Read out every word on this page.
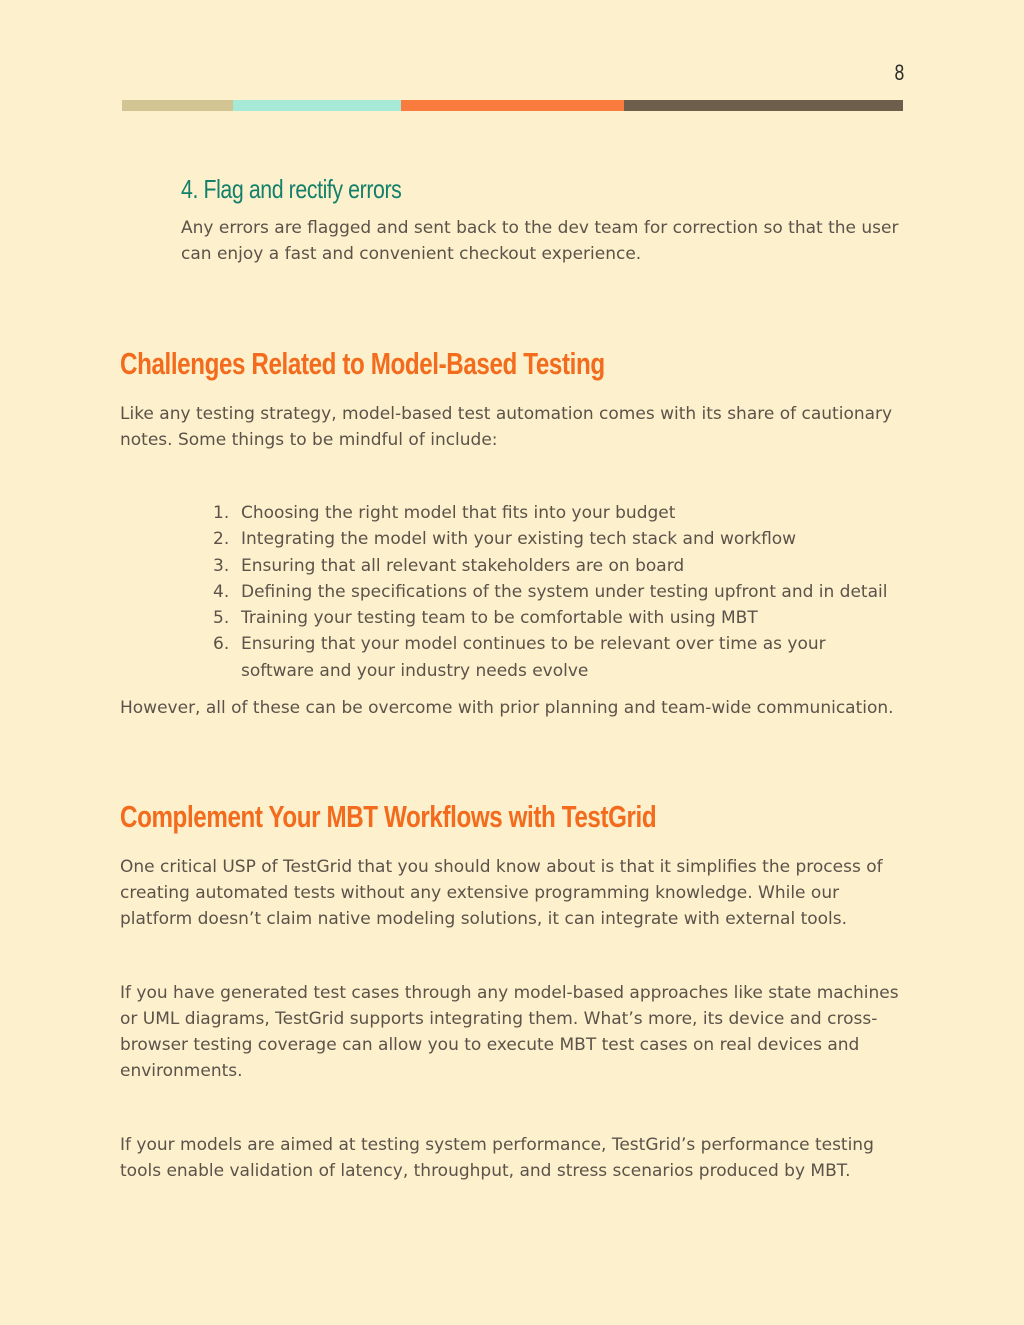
8
4. Flag and rectify errors

Any errors are flagged and sent back to the dev team for correction so that the user can enjoy a fast and convenient checkout experience.

Challenges Related to Model-Based Testing

Like any testing strategy, model-based test automation comes with its share of cautionary notes. Some things to be mindful of include:

1. Choosing the right model that fits into your budget
2. Integrating the model with your existing tech stack and workflow
3. Ensuring that all relevant stakeholders are on board
4. Defining the specifications of the system under testing upfront and in detail
5. Training your testing team to be comfortable with using MBT
6. Ensuring that your model continues to be relevant over time as your software and your industry needs evolve

However, all of these can be overcome with prior planning and team-wide communication.

Complement Your MBT Workflows with TestGrid

One critical USP of TestGrid that you should know about is that it simplifies the process of creating automated tests without any extensive programming knowledge. While our platform doesn’t claim native modeling solutions, it can integrate with external tools.

If you have generated test cases through any model-based approaches like state machines or UML diagrams, TestGrid supports integrating them. What’s more, its device and cross-browser testing coverage can allow you to execute MBT test cases on real devices and environments.

If your models are aimed at testing system performance, TestGrid’s performance testing tools enable validation of latency, throughput, and stress scenarios produced by MBT.
